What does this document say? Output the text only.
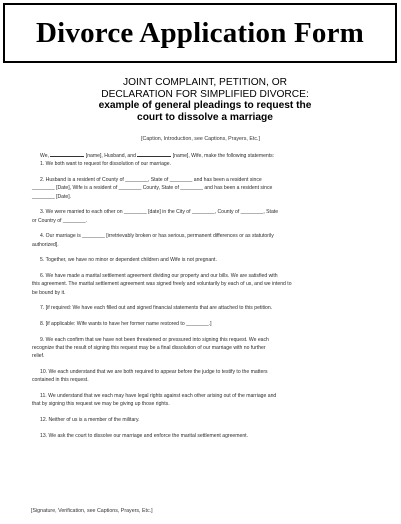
Divorce Application Form
JOINT COMPLAINT, PETITION, OR
DECLARATION FOR SIMPLIFIED DIVORCE:
example of general pleadings to request the
court to dissolve a marriage
[Caption, Introduction, see Captions, Prayers, Etc.]

We,	[name], Husband, and	[name], Wife, make the following statements:

1. We both want to request for dissolution of our marriage.

2. Husband is a resident of County of ________, State of ________ and has been a resident since

________ [Date], Wife is a resident of ________ County, State of ________ and has been a resident since

________ [Date].

3. We were married to each other on ________ [date] in the City of ________, County of ________, State

or Country of ________.

4. Our marriage is ________ [irretrievably broken or has serious, permanent differences or as statutorily

authorized].

5. Together, we have no minor or dependent children and Wife is not pregnant.

6. We have made a marital settlement agreement dividing our property and our bills. We are satisfied with

this agreement. The marital settlement agreement was signed freely and voluntarily by each of us, and we intend to

be bound by it.

7. [if required: We have each filled out and signed financial statements that are attached to this petition.

8. [if applicable: Wife wants to have her former name restored to ________.]

9. We each confirm that we have not been threatened or pressured into signing this request. We each

recognize that the result of signing this request may be a final dissolution of our marriage with no further

relief.

10. We each understand that we are both required to appear before the judge to testify to the matters

contained in this request.

11. We understand that we each may have legal rights against each other arising out of the marriage and

that by signing this request we may be giving up those rights.

12. Neither of us is a member of the military.

13. We ask the court to dissolve our marriage and enforce the marital settlement agreement.

[Signature, Verification, see Captions, Prayers, Etc.]
